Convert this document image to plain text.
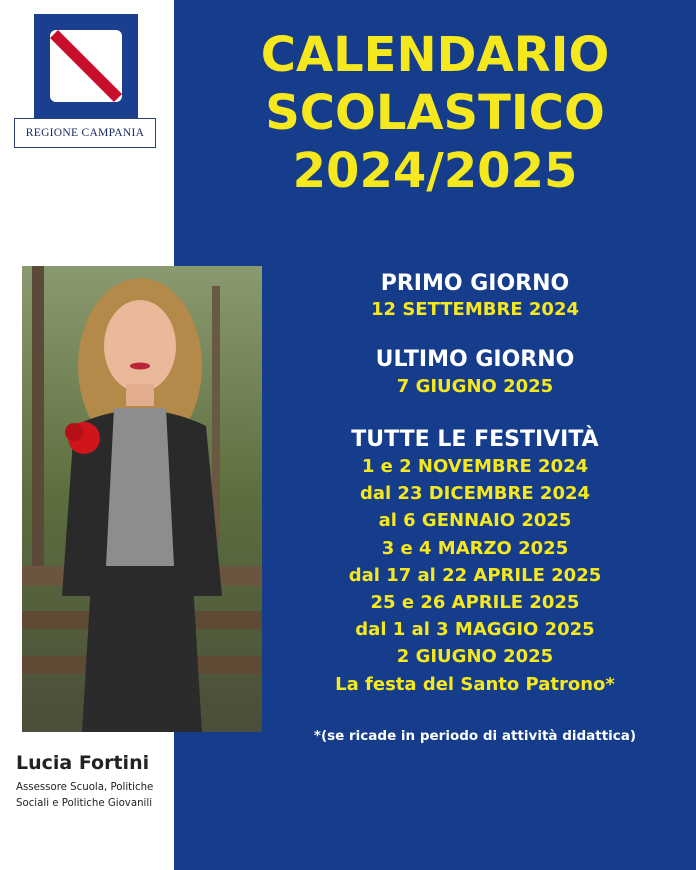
REGIONE CAMPANIA
Lucia Fortini
Assessore Scuola, Politiche Sociali e Politiche Giovanili
CALENDARIO
SCOLASTICO
2024/2025
PRIMO GIORNO
12 SETTEMBRE 2024
ULTIMO GIORNO
7 GIUGNO 2025
TUTTE LE FESTIVITÀ
1 e 2 NOVEMBRE 2024
dal 23 DICEMBRE 2024
al 6 GENNAIO 2025
3 e 4 MARZO 2025
dal 17 al 22 APRILE 2025
25 e 26 APRILE 2025
dal 1 al 3 MAGGIO 2025
2 GIUGNO 2025
La festa del Santo Patrono*
*(se ricade in periodo di attività didattica)
